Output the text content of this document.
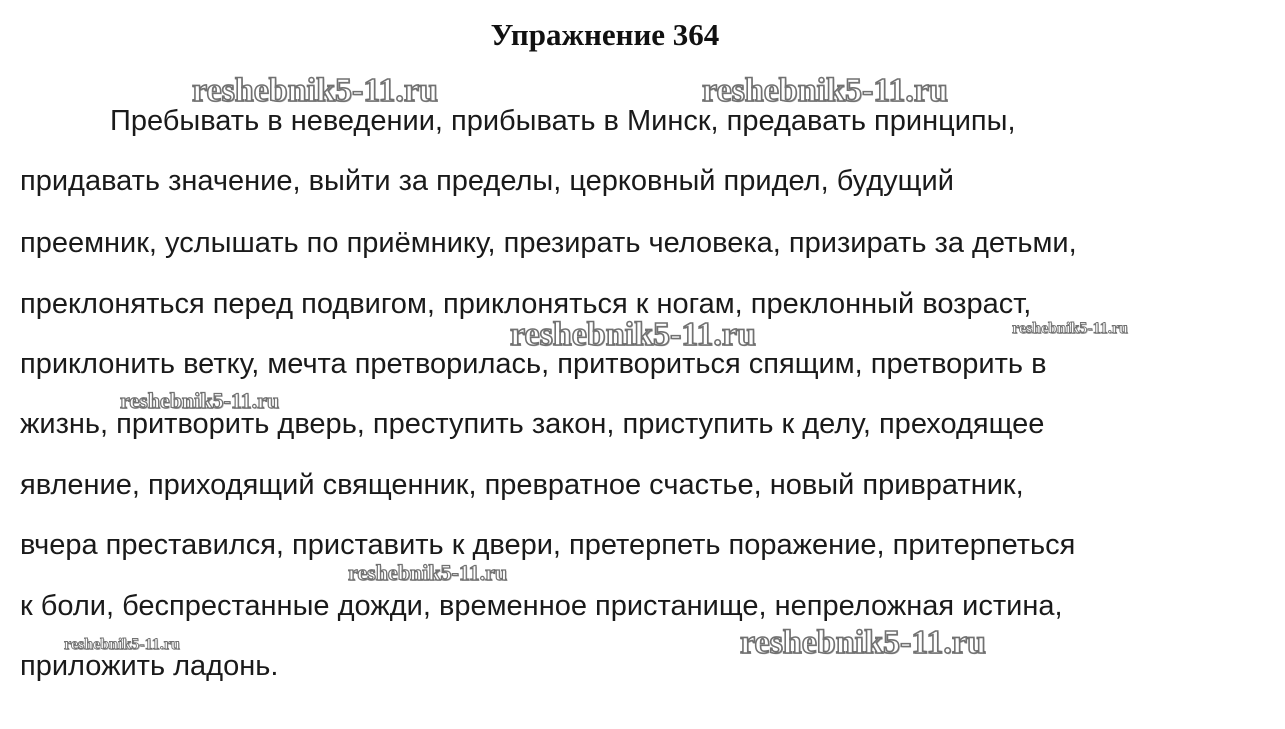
Упражнение 364
Пребывать в неведении, прибывать в Минск, предавать принципы,
придавать значение, выйти за пределы, церковный придел, будущий
преемник, услышать по приёмнику, презирать человека, призирать за детьми,
преклоняться перед подвигом, приклоняться к ногам, преклонный возраст,
приклонить ветку, мечта претворилась, притвориться спящим, претворить в
жизнь, притворить дверь, преступить закон, приступить к делу, преходящее
явление, приходящий священник, превратное счастье, новый привратник,
вчера преставился, приставить к двери, претерпеть поражение, притерпеться
к боли, беспрестанные дожди, временное пристанище, непреложная истина,
приложить ладонь.
reshebnik5-11.ru	reshebnik5-11.ru
reshebnik5-11.ru	reshebnik5-11.ru
reshebnik5-11.ru
reshebnik5-11.ru
reshebnik5-11.ru	reshebnik5-11.ru
